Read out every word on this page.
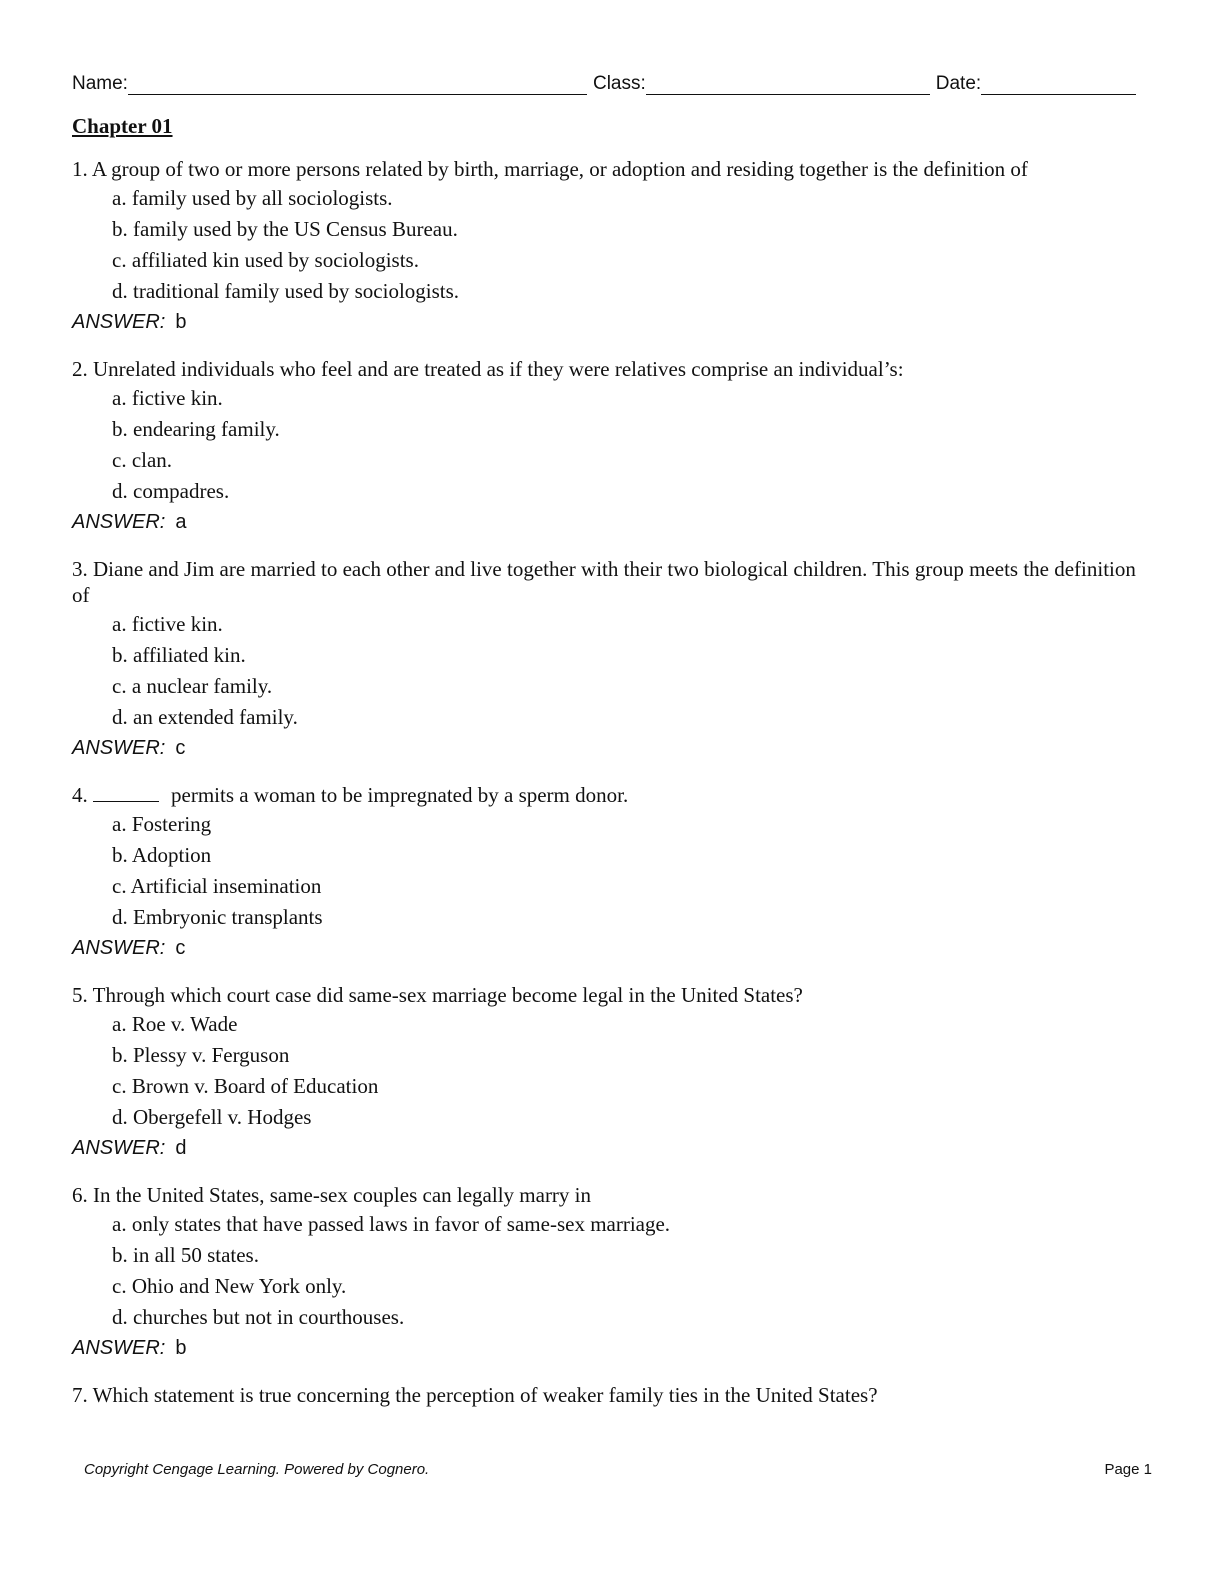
Name:	Class:	Date:
Chapter 01
1. A group of two or more persons related by birth, marriage, or adoption and residing together is the definition of
a. family used by all sociologists.
b. family used by the US Census Bureau.
c. affiliated kin used by sociologists.
d. traditional family used by sociologists.
ANSWER: b
2. Unrelated individuals who feel and are treated as if they were relatives comprise an individual’s:
a. fictive kin.
b. endearing family.
c. clan.
d. compadres.
ANSWER: a
3. Diane and Jim are married to each other and live together with their two biological children. This group meets the definition of
a. fictive kin.
b. affiliated kin.
c. a nuclear family.
d. an extended family.
ANSWER: c
4.	permits a woman to be impregnated by a sperm donor.
a. Fostering
b. Adoption
c. Artificial insemination
d. Embryonic transplants
ANSWER: c
5. Through which court case did same-sex marriage become legal in the United States?
a. Roe v. Wade
b. Plessy v. Ferguson
c. Brown v. Board of Education
d. Obergefell v. Hodges
ANSWER: d
6. In the United States, same-sex couples can legally marry in
a. only states that have passed laws in favor of same-sex marriage.
b. in all 50 states.
c. Ohio and New York only.
d. churches but not in courthouses.
ANSWER: b
7. Which statement is true concerning the perception of weaker family ties in the United States?
Copyright Cengage Learning. Powered by Cognero.	Page 1
